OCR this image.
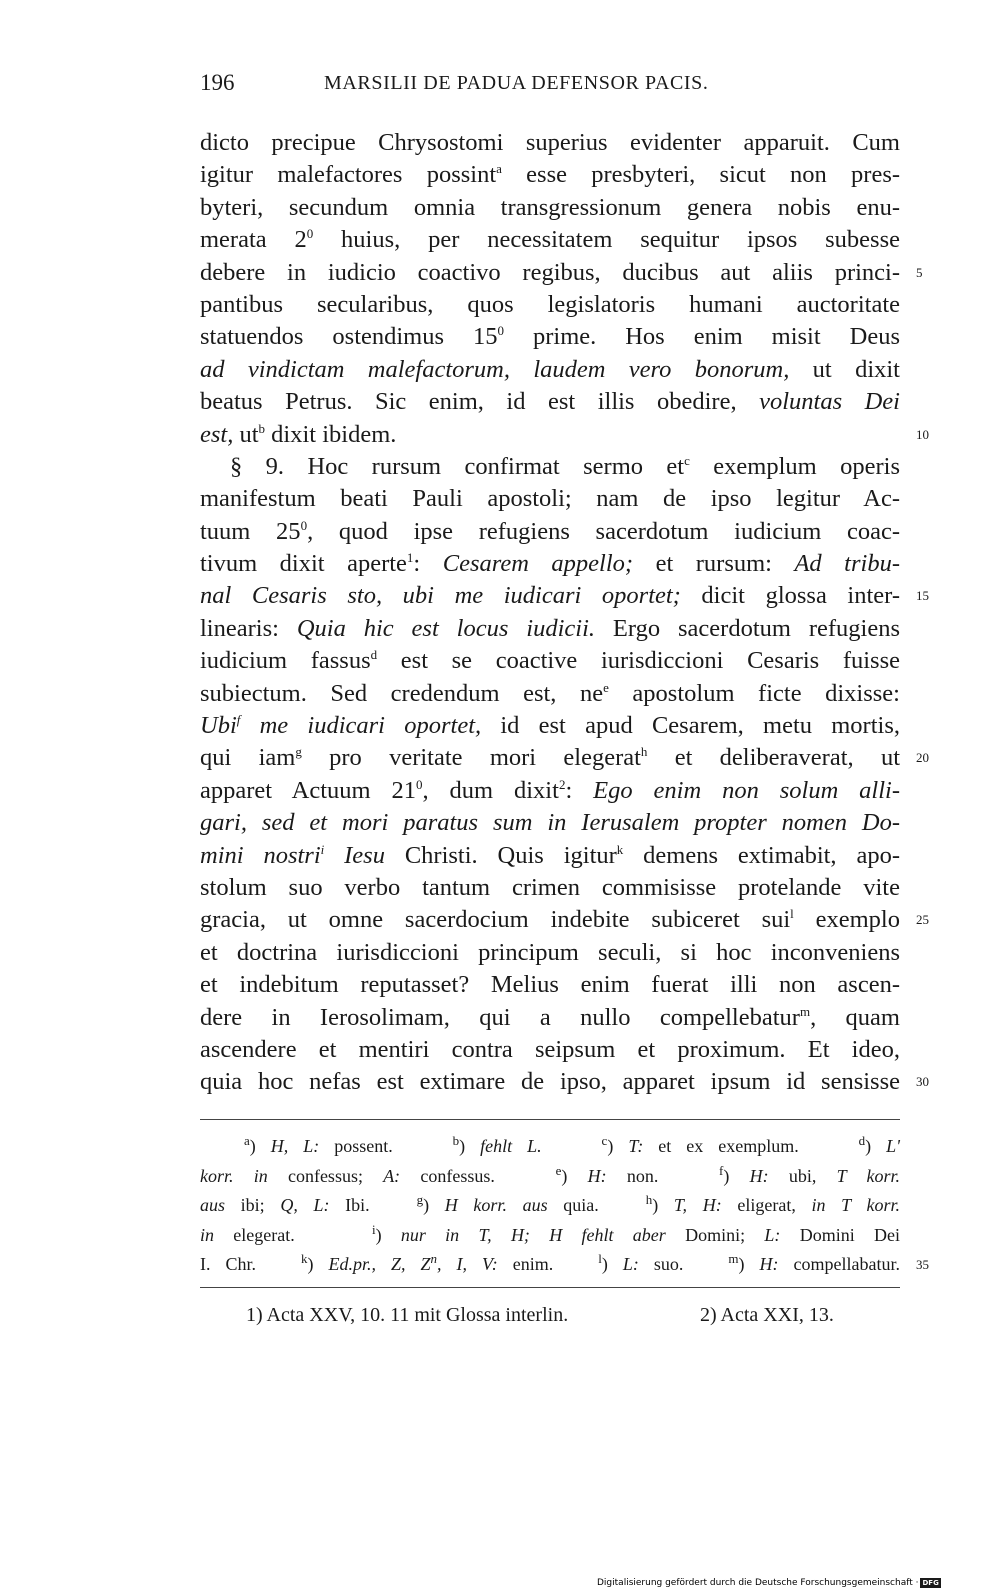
196	MARSILII DE PADUA DEFENSOR PACIS.
dicto precipue Chrysostomi superius evidenter apparuit. Cum
igitur malefactores possint$^a$ esse presbyteri, sicut non pres-
byteri, secundum omnia transgressionum genera nobis enu-
merata $2^0$ huius, per necessitatem sequitur ipsos subesse
debere in iudicio coactivo regibus, ducibus aut aliis princi- 5
pantibus secularibus, quos legislatoris humani auctoritate
statuendos ostendimus $15^0$ prime. Hos enim misit Deus
ad vindictam malefactorum, laudem vero bonorum, ut dixit
beatus Petrus. Sic enim, id est illis obedire, voluntas Dei
est, $ut^b$ dixit ibidem.	10
§ 9. Hoc rursum confirmat sermo $et^c$ exemplum operis
manifestum beati Pauli apostoli; nam de ipso legitur Ac-
tuum $25^0$, quod ipse refugiens sacerdotum iudicium coac-
tivum dixit aperte$^1$: Cesarem appello; et rursum: Ad tribu-
nal Cesaris sto, ubi me iudicari oportet; dicit glossa inter- 15
linearis: Quia hic est locus iudicii. Ergo sacerdotum refugiens
iudicium fassus$^d$ est se coactive iurisdiccioni Cesaris fuisse
subiectum. Sed credendum est, $ne^e$ apostolum ficte dixisse:
Ubi$^f$ me iudicari oportet, id est apud Cesarem, metu mortis,
qui iam$^g$ pro veritate mori elegerat$^h$ et deliberaverat, ut 20
apparet Actuum $21^0$, dum dixit$^2$: Ego enim non solum alli-
gari, sed et mori paratus sum in Ierusalem propter nomen Do-
mini nostri$^i$ Iesu Christi. Quis igitur$^k$ demens extimabit, apo-
stolum suo verbo tantum crimen commisisse protelande vite
gracia, ut omne sacerdocium indebite subiceret sui$^l$ exemplo 25
et doctrina iurisdiccioni principum seculi, si hoc inconveniens
et indebitum reputasset? Melius enim fuerat illi non ascen-
dere in Ierosolimam, qui a nullo compellebatur$^m$, quam
ascendere et mentiri contra seipsum et proximum. Et ideo,
quia hoc nefas est extimare de ipso, apparet ipsum id sensisse 30
$^a$) H, L: possent.    $^b$) fehlt L.	$^c$) T: et ex exemplum.    $^d$) L'
korr. in confessus; A: confessus.   $^e$) H: non.   $^f$) H: ubi, T korr.
aus ibi; Q, L: Ibi.   $^g$) H korr. aus quia.   $^h$) T, H: eligerat, in T korr.
in elegerat.    $^i$) nur in T, H; H fehlt aber Domini; L: Domini Dei
I. Chr.   $^k$) Ed.pr., Z, $Z^n$, I, V: enim.   $^l$) L: suo.   $^m$) H: compellabatur. 35
1) Acta XXV, 10. 11 mit Glossa interlin.	2) Acta XXI, 13.
Digitalisierung gefördert durch die Deutsche Forschungsgemeinschaft · DFG
